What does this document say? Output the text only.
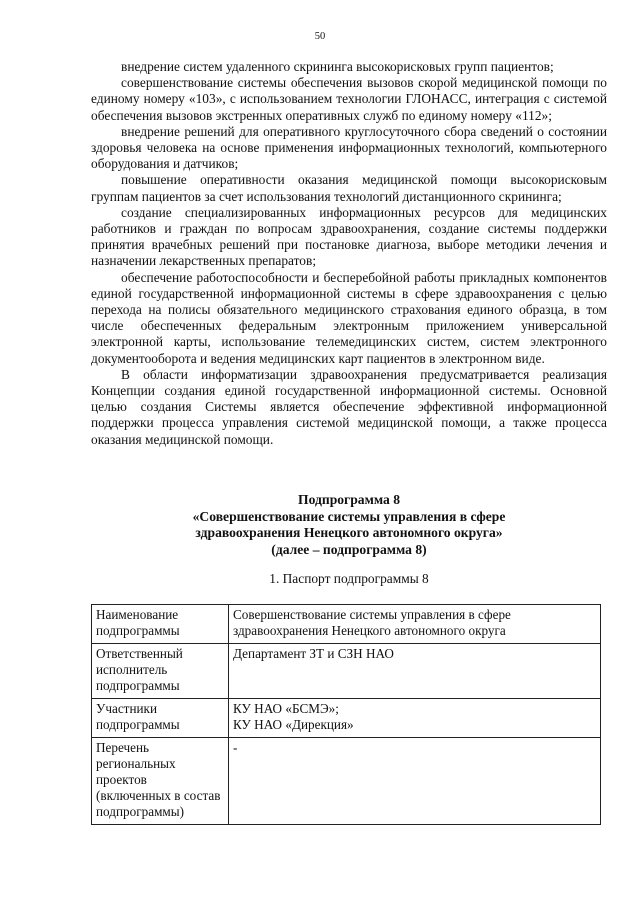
50

внедрение систем удаленного скрининга высокорисковых групп пациентов;

совершенствование системы обеспечения вызовов скорой медицинской помощи по единому номеру «103», с использованием технологии ГЛОНАСС, интеграция с системой обеспечения вызовов экстренных оперативных служб по единому номеру «112»;

внедрение решений для оперативного круглосуточного сбора сведений о состоянии здоровья человека на основе применения информационных технологий, компьютерного оборудования и датчиков;

повышение оперативности оказания медицинской помощи высокорисковым группам пациентов за счет использования технологий дистанционного скрининга;

создание специализированных информационных ресурсов для медицинских работников и граждан по вопросам здравоохранения, создание системы поддержки принятия врачебных решений при постановке диагноза, выборе методики лечения и назначении лекарственных препаратов;

обеспечение работоспособности и бесперебойной работы прикладных компонентов единой государственной информационной системы в сфере здравоохранения с целью перехода на полисы обязательного медицинского страхования единого образца, в том числе обеспеченных федеральным электронным приложением универсальной электронной карты, использование телемедицинских систем, систем электронного документооборота и ведения медицинских карт пациентов в электронном виде.

В области информатизации здравоохранения предусматривается реализация Концепции создания единой государственной информационной системы. Основной целью создания Системы является обеспечение эффективной информационной поддержки процесса управления системой медицинской помощи, а также процесса оказания медицинской помощи.

Подпрограмма 8
«Совершенствование системы управления в сфере
здравоохранения Ненецкого автономного округа»
(далее – подпрограмма 8)
1. Паспорт подпрограммы 8
Наименование подпрограммы	Совершенствование системы управления в сфере здравоохранения Ненецкого автономного округа
Ответственный исполнитель подпрограммы	Департамент ЗТ и СЗН НАО
Участники подпрограммы	КУ НАО «БСМЭ»;
КУ НАО «Дирекция»
Перечень региональных проектов (включенных в состав подпрограммы)	-
